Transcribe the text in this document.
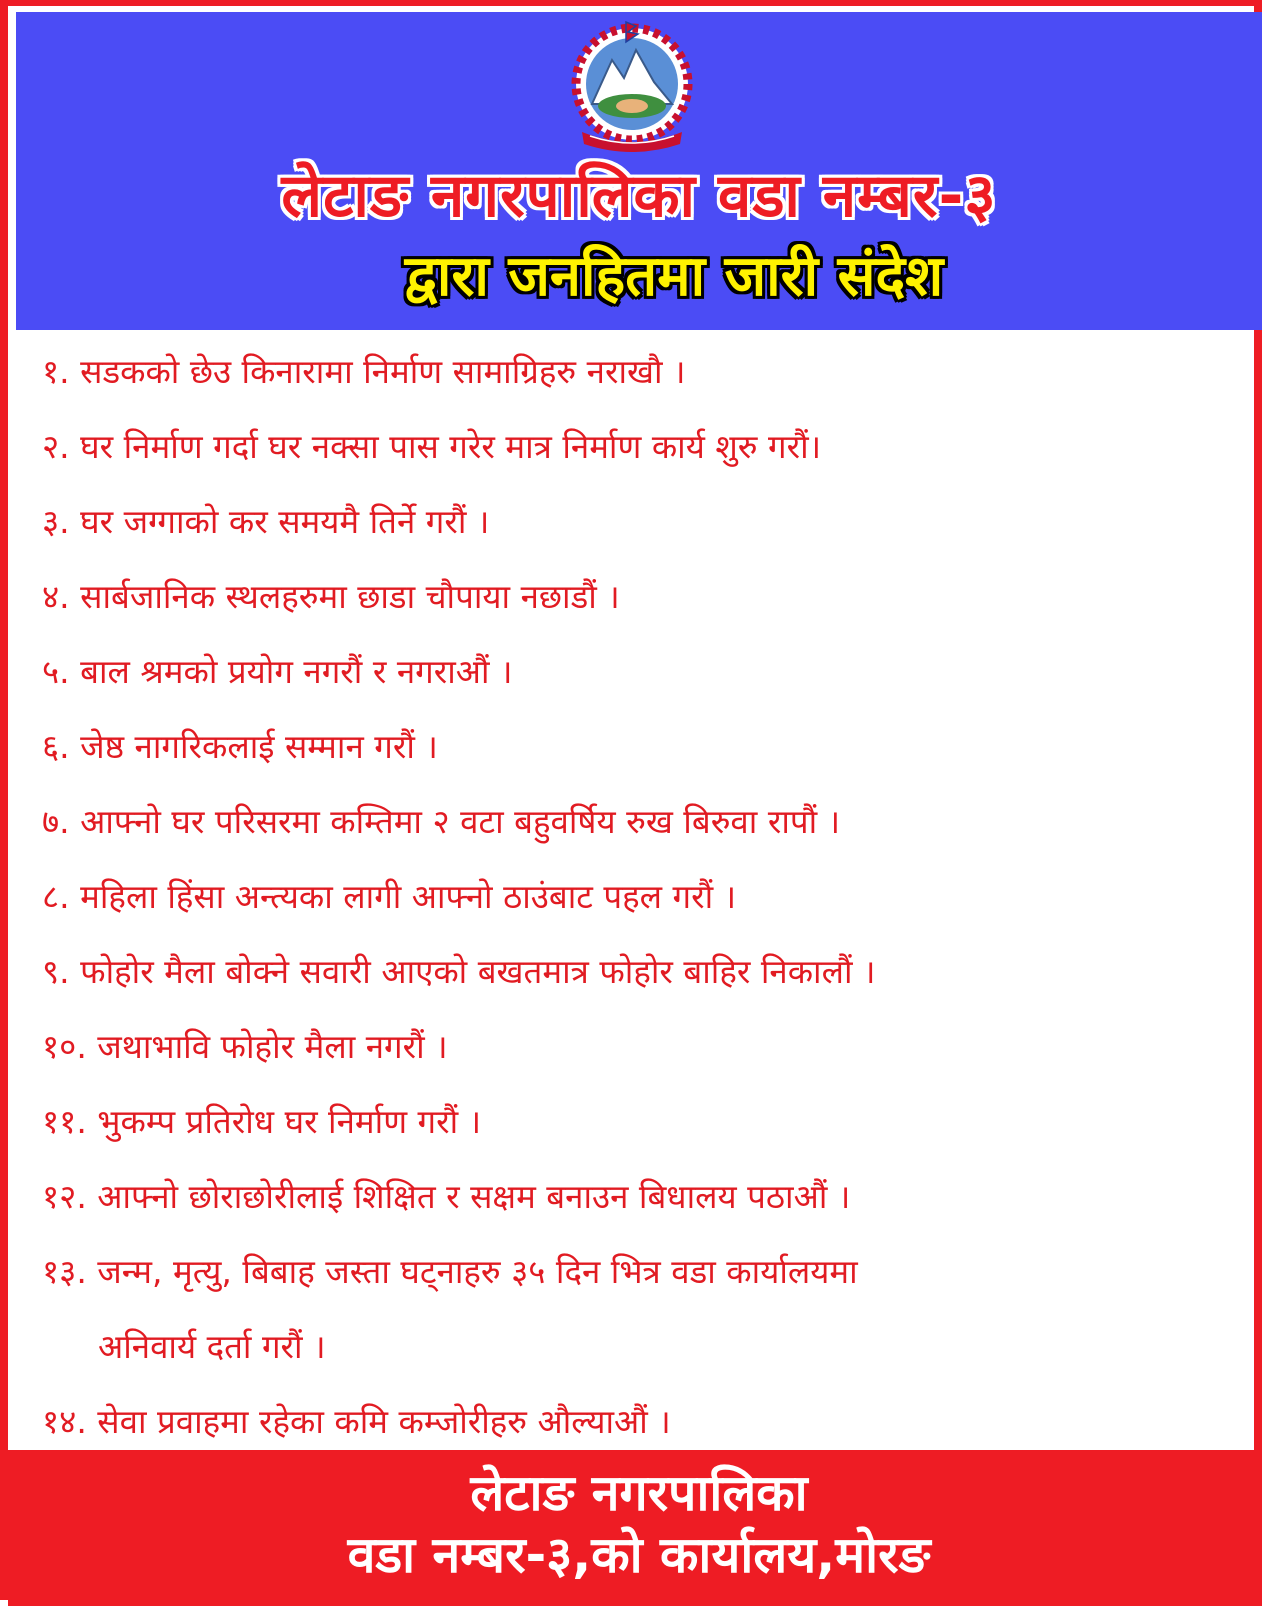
लेटाङ नगरपालिका वडा नम्बर-३
द्वारा जनहितमा जारी संदेश
१. सडकको छेउ किनारामा निर्माण सामाग्रिहरु नराखौ ।
२. घर निर्माण गर्दा घर नक्सा पास गरेर मात्र निर्माण कार्य शुरु गरौं।
३. घर जग्गाको कर समयमै तिर्ने गरौं ।
४. सार्बजानिक स्थलहरुमा छाडा चौपाया नछाडौं ।
५. बाल श्रमको प्रयोग नगरौं र नगराऔं ।
६. जेष्ठ नागरिकलाई सम्मान गरौं ।
७. आफ्नो घर परिसरमा कम्तिमा २ वटा बहुवर्षिय रुख बिरुवा रापौं ।
८. महिला हिंसा अन्त्यका लागी आफ्नो ठाउंबाट पहल गरौं ।
९. फोहोर मैला बोक्ने सवारी आएको बखतमात्र फोहोर बाहिर निकालौं ।
१०. जथाभावि फोहोर मैला नगरौं ।
११. भुकम्प प्रतिरोध घर निर्माण गरौं ।
१२. आफ्नो छोराछोरीलाई शिक्षित र सक्षम बनाउन बिधालय पठाऔं ।
१३. जन्म, मृत्यु, बिबाह जस्ता घट्नाहरु ३५ दिन भित्र वडा कार्यालयमा
अनिवार्य दर्ता गरौं ।
१४. सेवा प्रवाहमा रहेका कमि कम्जोरीहरु औल्याऔं ।
लेटाङ नगरपालिका
वडा नम्बर-३,को कार्यालय,मोरङ
